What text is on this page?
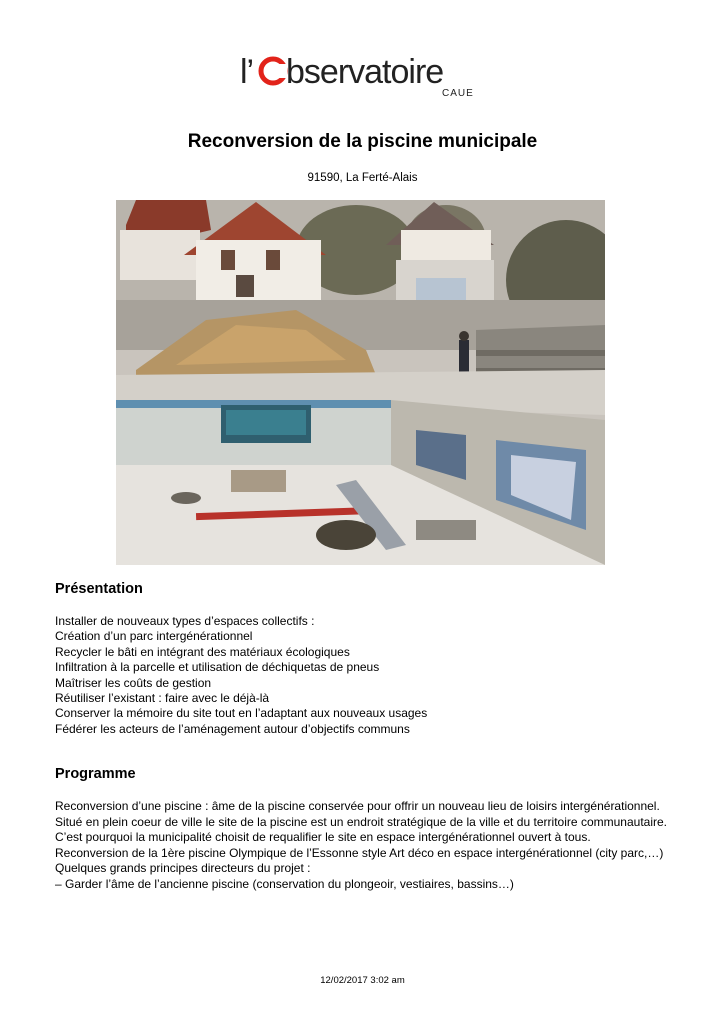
l’ bservatoire
CAUE
Reconversion de la piscine municipale
91590, La Ferté-Alais
Présentation
Installer de nouveaux types d’espaces collectifs :
Création d’un parc intergénérationnel
Recycler le bâti en intégrant des matériaux écologiques
Infiltration à la parcelle et utilisation de déchiquetas de pneus
Maîtriser les coûts de gestion
Réutiliser l’existant : faire avec le déjà-là
Conserver la mémoire du site tout en l’adaptant aux nouveaux usages
Fédérer les acteurs de l’aménagement autour d’objectifs communs
Programme

Reconversion d’une piscine : âme de la piscine conservée pour offrir un nouveau lieu de loisirs intergénérationnel.

Situé en plein coeur de ville le site de la piscine est un endroit stratégique de la ville et du territoire communautaire. C’est pourquoi la municipalité choisit de requalifier le site en espace intergénérationnel ouvert à tous.

Reconversion de la 1ère piscine Olympique de l’Essonne style Art déco en espace intergénérationnel (city parc,…)

Quelques grands principes directeurs du projet :

– Garder l’âme de l’ancienne piscine (conservation du plongeoir, vestiaires, bassins…)

12/02/2017 3:02 am
